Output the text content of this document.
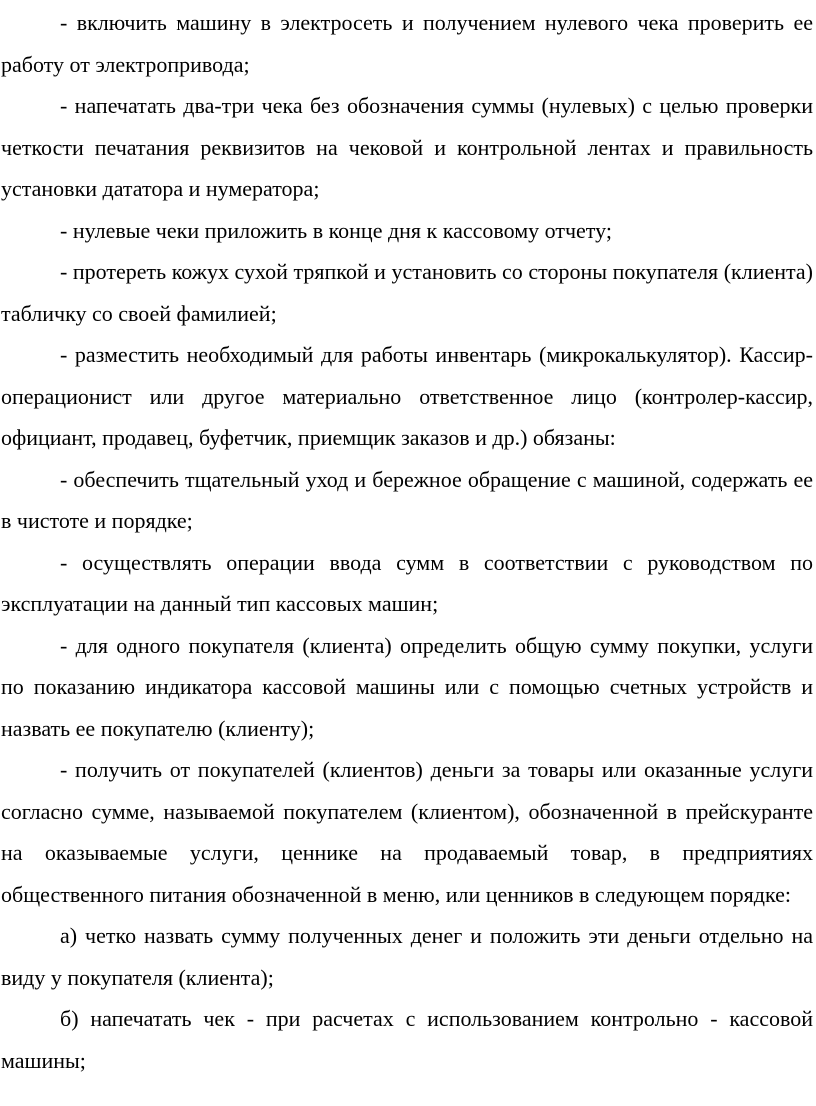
- включить машину в электросеть и получением нулевого чека проверить ее работу от электропривода;

- напечатать два-три чека без обозначения суммы (нулевых) с целью проверки четкости печатания реквизитов на чековой и контрольной лентах и правильность установки дататора и нумератора;

- нулевые чеки приложить в конце дня к кассовому отчету;

- протереть кожух сухой тряпкой и установить со стороны покупателя (клиента) табличку со своей фамилией;

- разместить необходимый для работы инвентарь (микрокалькулятор). Кассир-операционист или другое материально ответственное лицо (контролер-кассир, официант, продавец, буфетчик, приемщик заказов и др.) обязаны:

- обеспечить тщательный уход и бережное обращение с машиной, содержать ее в чистоте и порядке;

- осуществлять операции ввода сумм в соответствии с руководством по эксплуатации на данный тип кассовых машин;

- для одного покупателя (клиента) определить общую сумму покупки, услуги по показанию индикатора кассовой машины или с помощью счетных устройств и назвать ее покупателю (клиенту);

- получить от покупателей (клиентов) деньги за товары или оказанные услуги согласно сумме, называемой покупателем (клиентом), обозначенной в прейскуранте на оказываемые услуги, ценнике на продаваемый товар, в предприятиях общественного питания обозначенной в меню, или ценников в следующем порядке:

а) четко назвать сумму полученных денег и положить эти деньги отдельно на виду у покупателя (клиента);

б) напечатать чек - при расчетах с использованием контрольно - кассовой машины;
